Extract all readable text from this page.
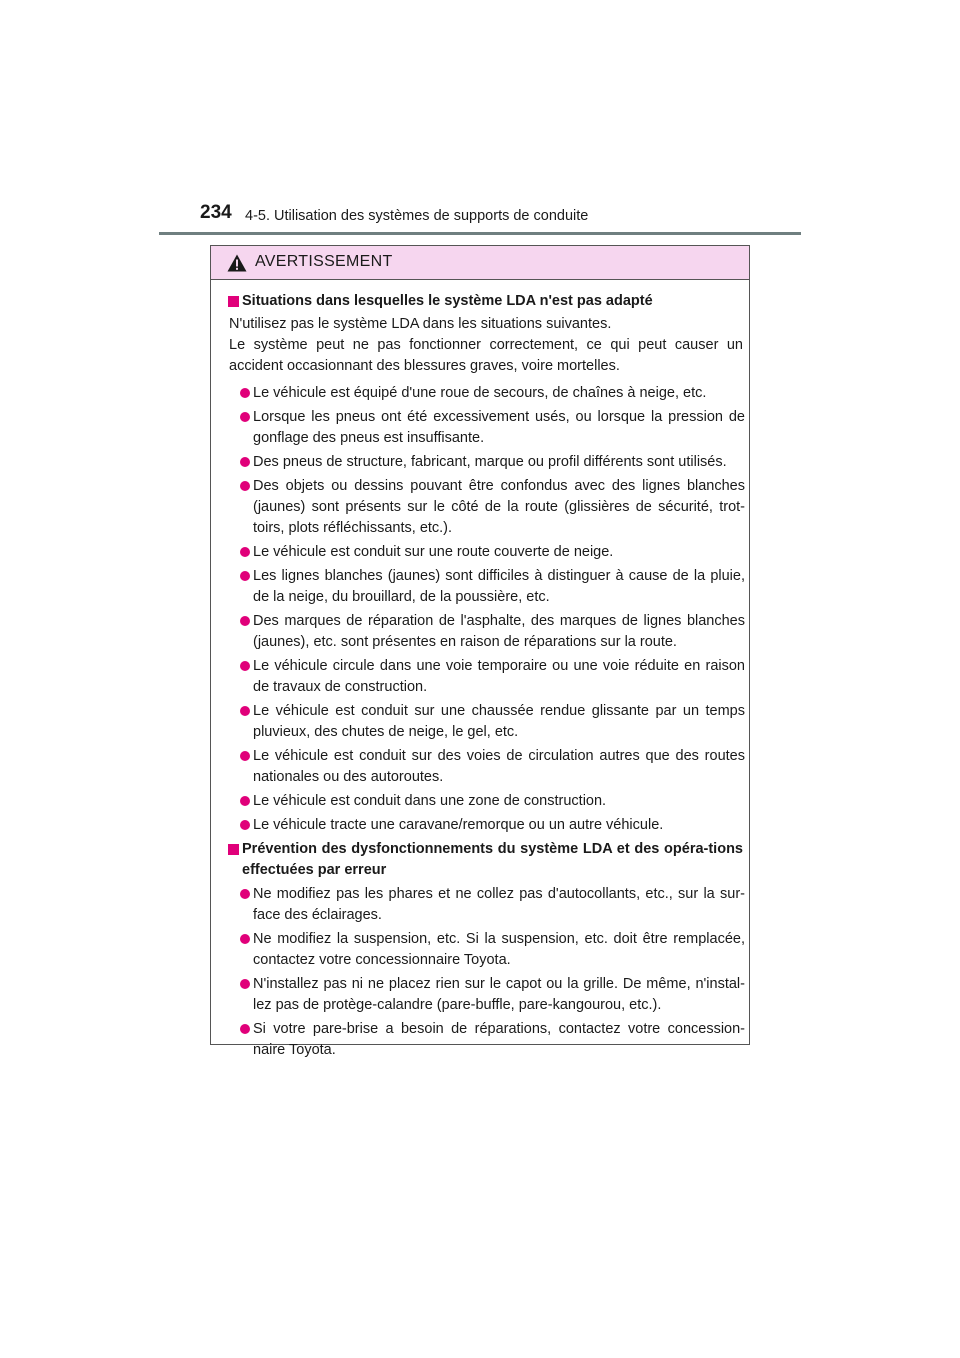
234 4-5. Utilisation des systèmes de supports de conduite
AVERTISSEMENT
Situations dans lesquelles le système LDA n'est pas adapté
N'utilisez pas le système LDA dans les situations suivantes.
Le système peut ne pas fonctionner correctement, ce qui peut causer un accident occasionnant des blessures graves, voire mortelles.
Le véhicule est équipé d'une roue de secours, de chaînes à neige, etc.
Lorsque les pneus ont été excessivement usés, ou lorsque la pression de gonflage des pneus est insuffisante.
Des pneus de structure, fabricant, marque ou profil différents sont utilisés.
Des objets ou dessins pouvant être confondus avec des lignes blanches (jaunes) sont présents sur le côté de la route (glissières de sécurité, trot-toirs, plots réfléchissants, etc.).
Le véhicule est conduit sur une route couverte de neige.
Les lignes blanches (jaunes) sont difficiles à distinguer à cause de la pluie, de la neige, du brouillard, de la poussière, etc.
Des marques de réparation de l'asphalte, des marques de lignes blanches (jaunes), etc. sont présentes en raison de réparations sur la route.
Le véhicule circule dans une voie temporaire ou une voie réduite en raison de travaux de construction.
Le véhicule est conduit sur une chaussée rendue glissante par un temps pluvieux, des chutes de neige, le gel, etc.
Le véhicule est conduit sur des voies de circulation autres que des routes nationales ou des autoroutes.
Le véhicule est conduit dans une zone de construction.
Le véhicule tracte une caravane/remorque ou un autre véhicule.
Prévention des dysfonctionnements du système LDA et des opéra-tions effectuées par erreur
Ne modifiez pas les phares et ne collez pas d'autocollants, etc., sur la sur-face des éclairages.
Ne modifiez la suspension, etc. Si la suspension, etc. doit être remplacée, contactez votre concessionnaire Toyota.
N'installez pas ni ne placez rien sur le capot ou la grille. De même, n'instal-lez pas de protège-calandre (pare-buffle, pare-kangourou, etc.).
Si votre pare-brise a besoin de réparations, contactez votre concession-naire Toyota.
